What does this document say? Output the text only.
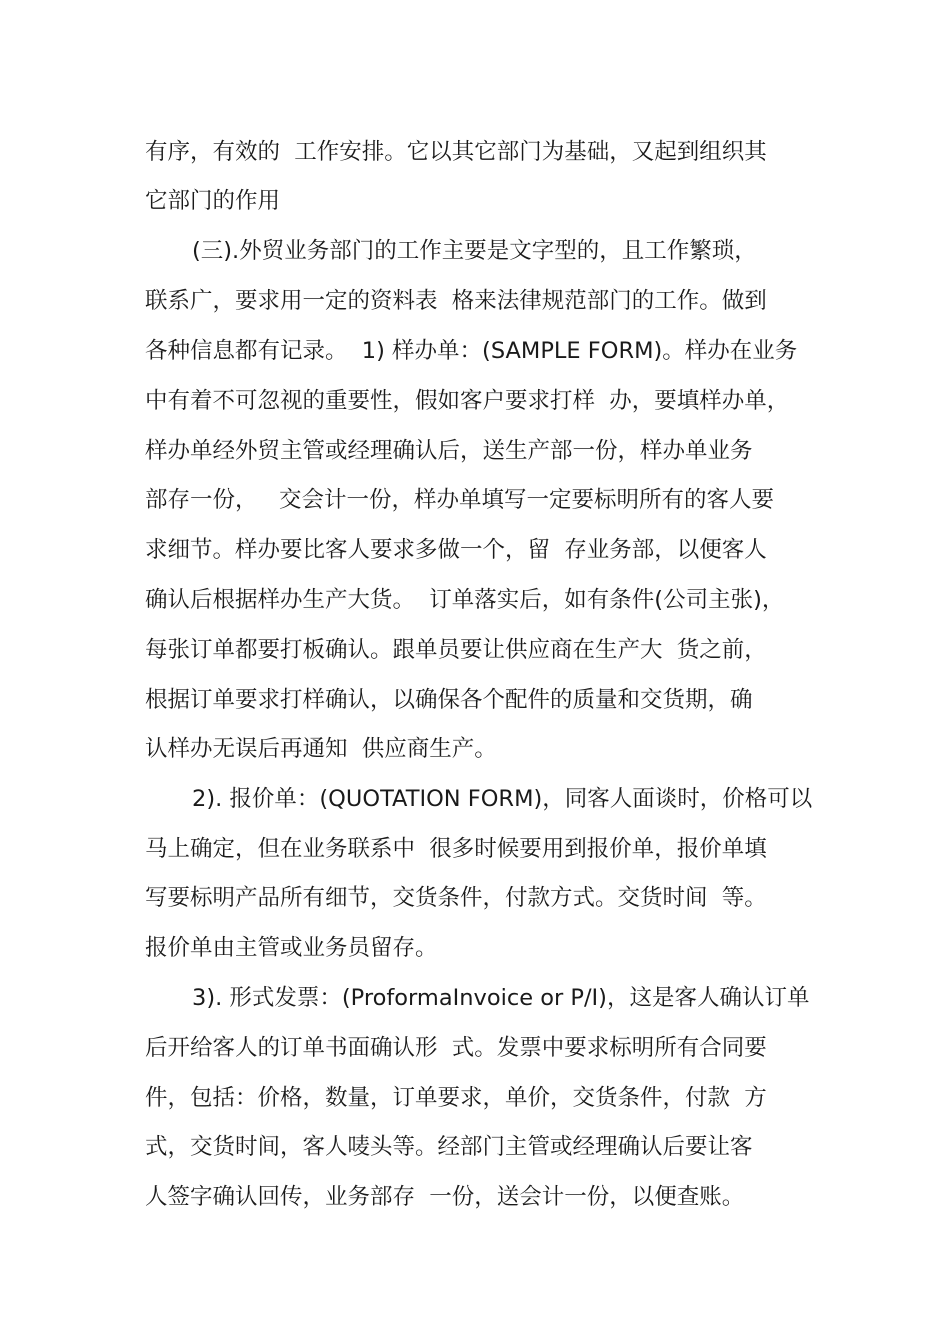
有序，有效的  工作安排。它以其它部门为基础，又起到组织其
它部门的作用
(三).外贸业务部门的工作主要是文字型的，且工作繁琐，
联系广，要求用一定的资料表  格来法律规范部门的工作。做到
各种信息都有记录。  1) 样办单：(SAMPLE FORM)。样办在业务
中有着不可忽视的重要性，假如客户要求打样  办，要填样办单，
样办单经外贸主管或经理确认后，送生产部一份，样办单业务
部存一份，   交会计一份，样办单填写一定要标明所有的客人要
求细节。样办要比客人要求多做一个，留  存业务部，以便客人
确认后根据样办生产大货。  订单落实后，如有条件(公司主张)，
每张订单都要打板确认。跟单员要让供应商在生产大  货之前，
根据订单要求打样确认，以确保各个配件的质量和交货期，确
认样办无误后再通知  供应商生产。
2). 报价单：(QUOTATION FORM)，同客人面谈时，价格可以
马上确定，但在业务联系中  很多时候要用到报价单，报价单填
写要标明产品所有细节，交货条件，付款方式。交货时间  等。
报价单由主管或业务员留存。
3). 形式发票：(ProformaInvoice or P/I)，这是客人确认订单
后开给客人的订单书面确认形  式。发票中要求标明所有合同要
件，包括：价格，数量，订单要求，单价，交货条件，付款  方
式，交货时间，客人唛头等。经部门主管或经理确认后要让客
人签字确认回传，业务部存  一份，送会计一份，以便查账。
